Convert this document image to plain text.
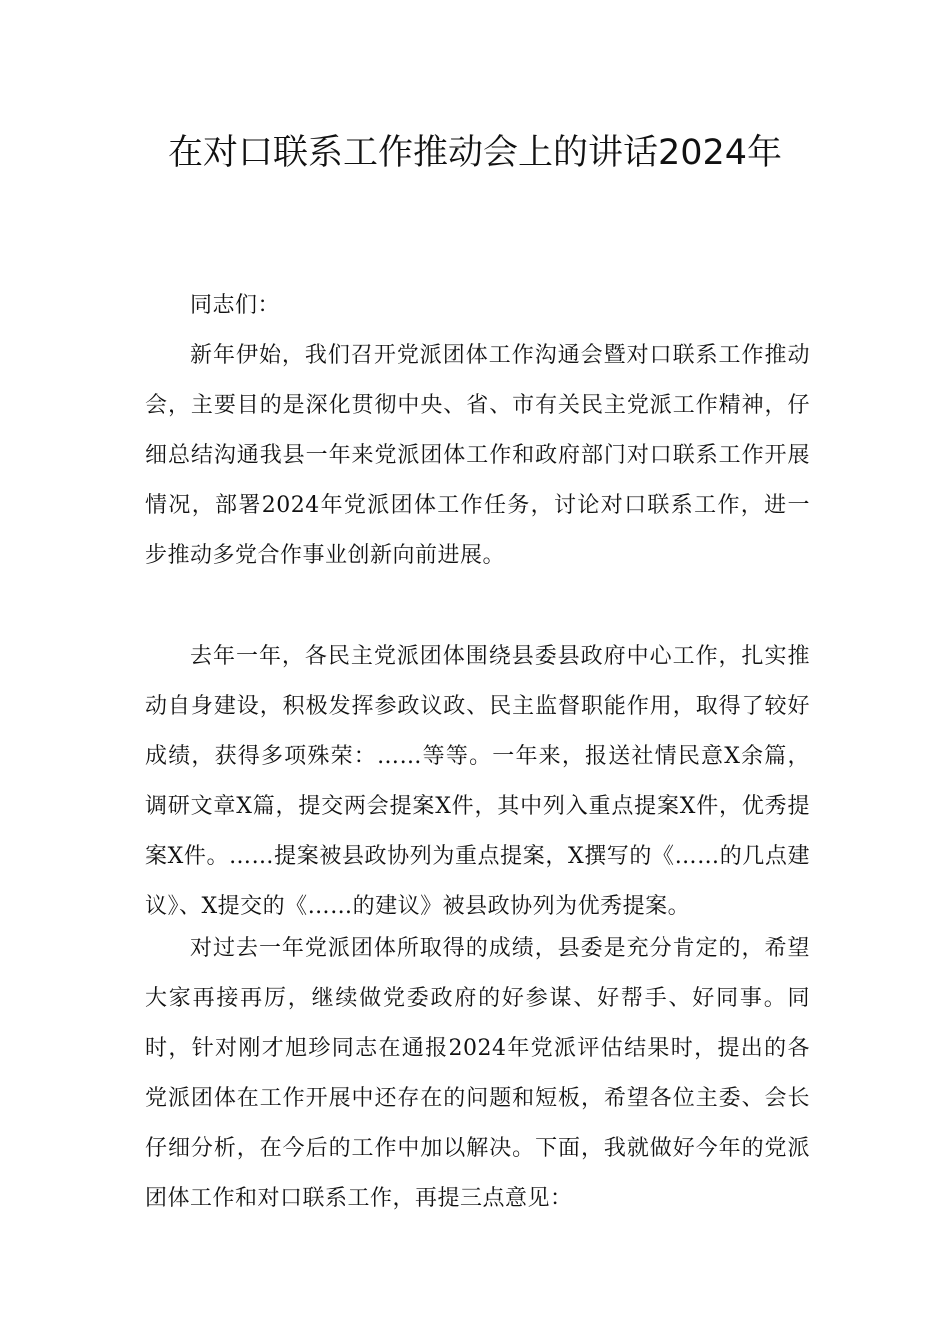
在对口联系工作推动会上的讲话2024年

同志们：

新年伊始，我们召开党派团体工作沟通会暨对口联系工作推动会，主要目的是深化贯彻中央、省、市有关民主党派工作精神，仔细总结沟通我县一年来党派团体工作和政府部门对口联系工作开展情况，部署2024年党派团体工作任务，讨论对口联系工作，进一步推动多党合作事业创新向前进展。

去年一年，各民主党派团体围绕县委县政府中心工作，扎实推动自身建设，积极发挥参政议政、民主监督职能作用，取得了较好成绩，获得多项殊荣：……等等。一年来，报送社情民意X余篇，调研文章X篇，提交两会提案X件，其中列入重点提案X件，优秀提案X件。……提案被县政协列为重点提案，X撰写的《……的几点建议》、X提交的《……的建议》被县政协列为优秀提案。

对过去一年党派团体所取得的成绩，县委是充分肯定的，希望大家再接再厉，继续做党委政府的好参谋、好帮手、好同事。同时，针对刚才旭珍同志在通报2024年党派评估结果时，提出的各党派团体在工作开展中还存在的问题和短板，希望各位主委、会长仔细分析，在今后的工作中加以解决。下面，我就做好今年的党派团体工作和对口联系工作，再提三点意见：
